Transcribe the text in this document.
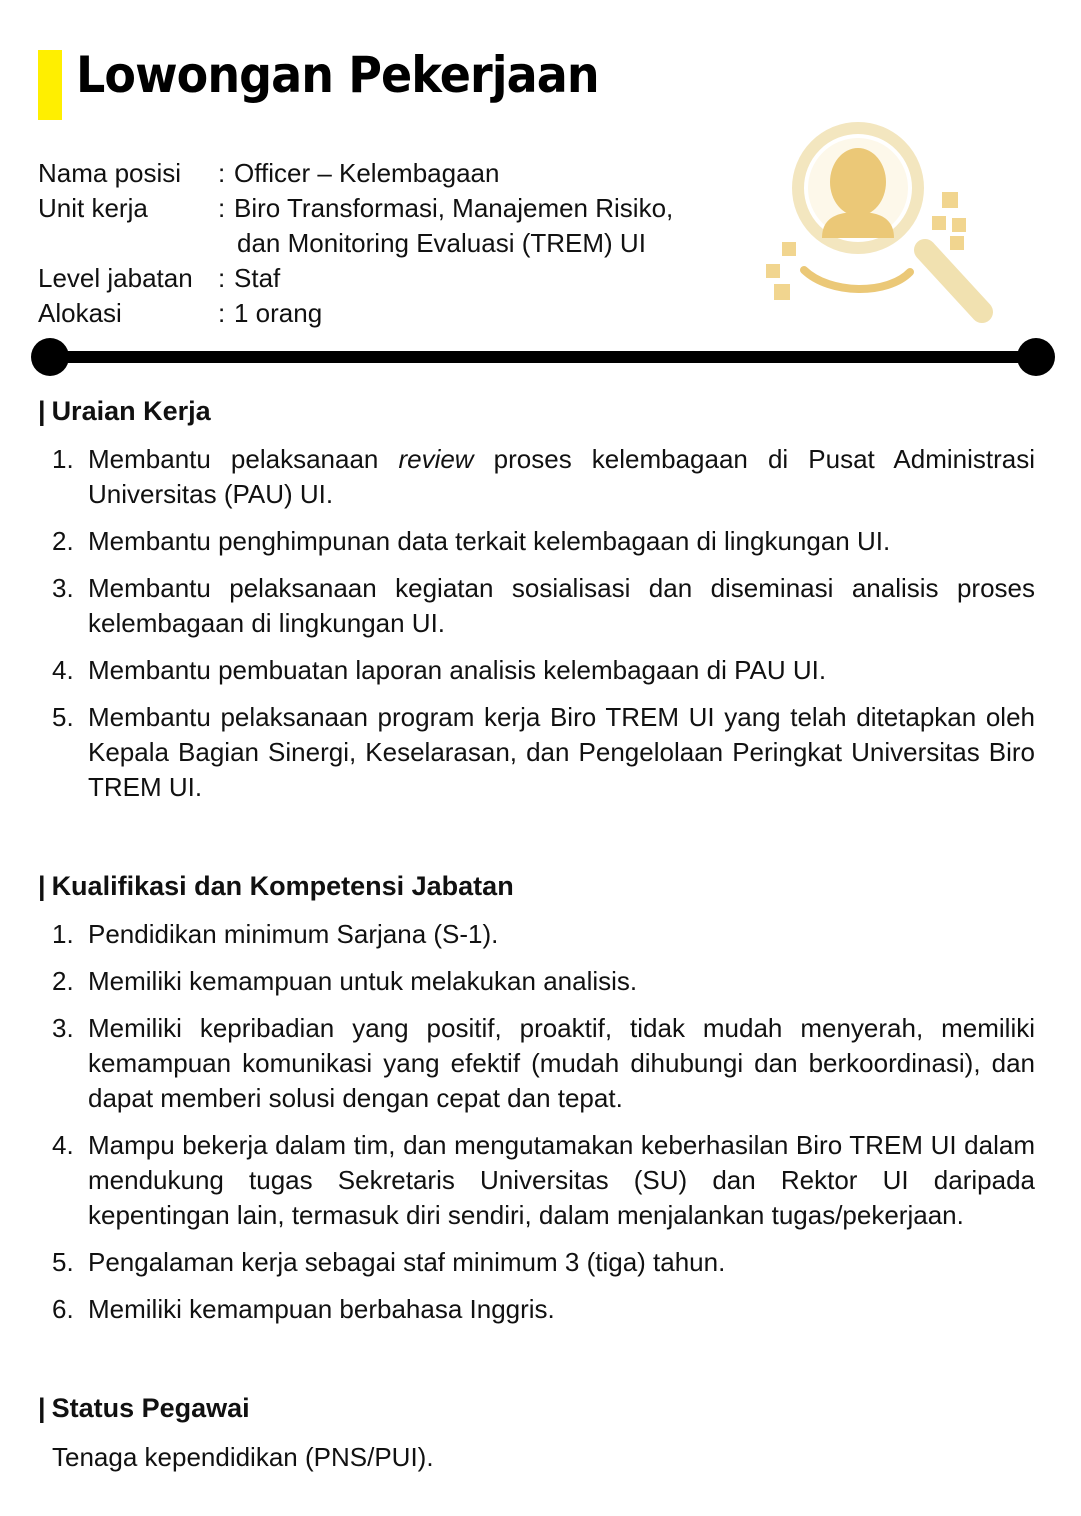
Lowongan Pekerjaan
Nama posisi	: Officer – Kelembagaan
Unit kerja	: Biro Transformasi, Manajemen Risiko,
dan Monitoring Evaluasi (TREM) UI
Level jabatan : Staf
Alokasi	: 1 orang
| Uraian Kerja
1. Membantu pelaksanaan review proses kelembagaan di Pusat Administrasi Universitas (PAU) UI.
2. Membantu penghimpunan data terkait kelembagaan di lingkungan UI.
3. Membantu pelaksanaan kegiatan sosialisasi dan diseminasi analisis proses kelembagaan di lingkungan UI.
4. Membantu pembuatan laporan analisis kelembagaan di PAU UI.
5. Membantu pelaksanaan program kerja Biro TREM UI yang telah ditetapkan oleh Kepala Bagian Sinergi, Keselarasan, dan Pengelolaan Peringkat Universitas Biro TREM UI.
| Kualifikasi dan Kompetensi Jabatan
1. Pendidikan minimum Sarjana (S-1).
2. Memiliki kemampuan untuk melakukan analisis.
3. Memiliki kepribadian yang positif, proaktif, tidak mudah menyerah, memiliki kemampuan komunikasi yang efektif (mudah dihubungi dan berkoordinasi), dan dapat memberi solusi dengan cepat dan tepat.
4. Mampu bekerja dalam tim, dan mengutamakan keberhasilan Biro TREM UI dalam mendukung tugas Sekretaris Universitas (SU) dan Rektor UI daripada kepentingan lain, termasuk diri sendiri, dalam menjalankan tugas/pekerjaan.
5. Pengalaman kerja sebagai staf minimum 3 (tiga) tahun.
6. Memiliki kemampuan berbahasa Inggris.
| Status Pegawai
Tenaga kependidikan (PNS/PUI).
